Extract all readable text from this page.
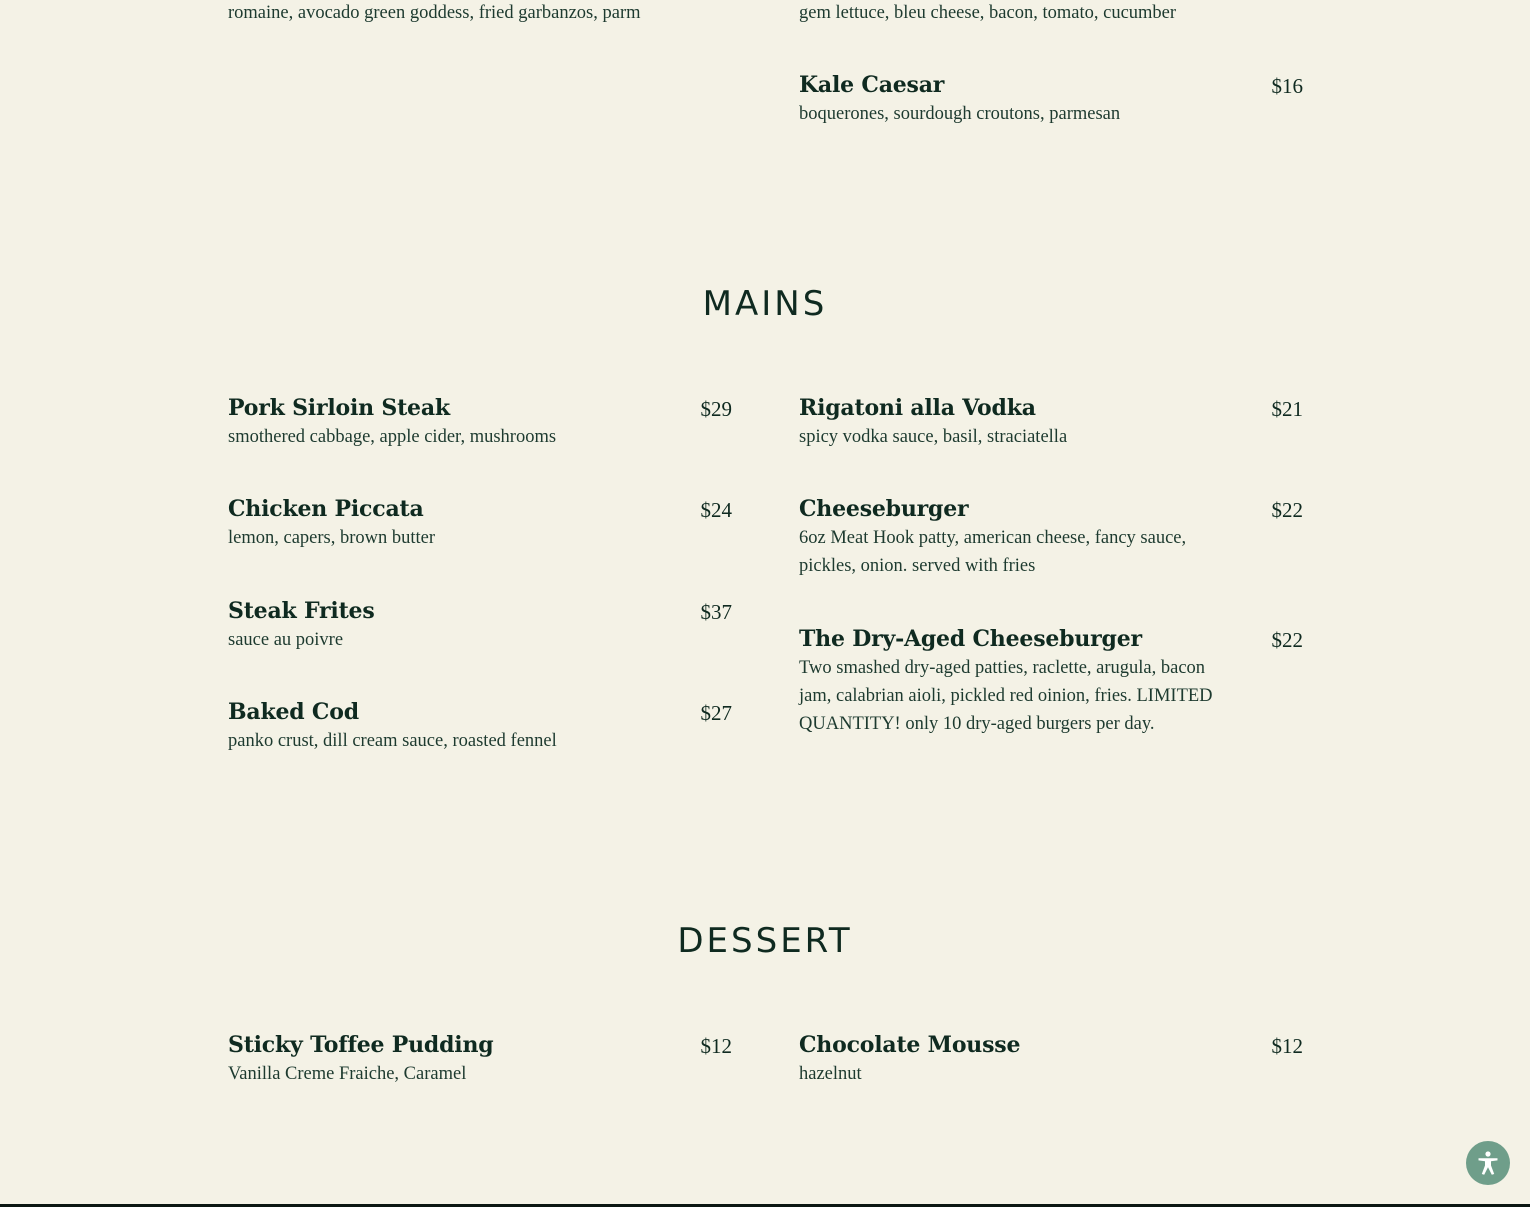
romaine, avocado green goddess, fried garbanzos, parm	gem lettuce, bleu cheese, bacon, tomato, cucumber
Kale Caesar	$16
boquerones, sourdough croutons, parmesan
MAINS
Pork Sirloin Steak	$29
smothered cabbage, apple cider, mushrooms
Chicken Piccata	$24
lemon, capers, brown butter
Steak Frites	$37
sauce au poivre
Baked Cod	$27
panko crust, dill cream sauce, roasted fennel
Rigatoni alla Vodka	$21
spicy vodka sauce, basil, straciatella
Cheeseburger	$22
6oz Meat Hook patty, american cheese, fancy sauce, pickles, onion. served with fries
The Dry-Aged Cheeseburger	$22
Two smashed dry-aged patties, raclette, arugula, bacon jam, calabrian aioli, pickled red oinion, fries. LIMITED QUANTITY! only 10 dry-aged burgers per day.
DESSERT
Sticky Toffee Pudding	$12
Vanilla Creme Fraiche, Caramel
Chocolate Mousse	$12
hazelnut
